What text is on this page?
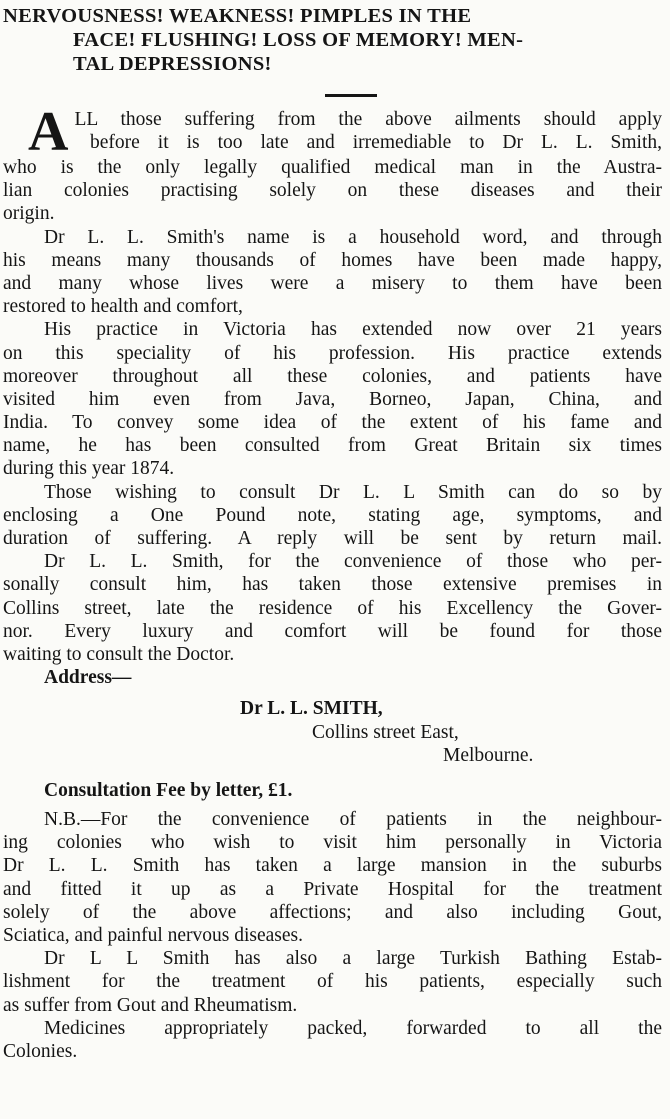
NERVOUSNESS! WEAKNESS! PIMPLES IN THE
FACE! FLUSHING! LOSS OF MEMORY! MEN-
TAL DEPRESSIONS!
A LL those suffering from the above ailments should apply
before it is too late and irremediable to Dr L. L. Smith,
who is the only legally qualified medical man in the Austra-
lian colonies practising solely on these diseases and their
origin.
Dr L. L. Smith's name is a household word, and through
his means many thousands of homes have been made happy,
and many whose lives were a misery to them have been
restored to health and comfort,
His practice in Victoria has extended now over 21 years
on this speciality of his profession. His practice extends
moreover throughout all these colonies, and patients have
visited him even from Java, Borneo, Japan, China, and
India. To convey some idea of the extent of his fame and
name, he has been consulted from Great Britain six times
during this year 1874.
Those wishing to consult Dr L. L Smith can do so by
enclosing a One Pound note, stating age, symptoms, and
duration of suffering. A reply will be sent by return mail.
Dr L. L. Smith, for the convenience of those who per-
sonally consult him, has taken those extensive premises in
Collins street, late the residence of his Excellency the Gover-
nor. Every luxury and comfort will be found for those
waiting to consult the Doctor.
Address—
Dr L. L. SMITH,
Collins street East,
Melbourne.
Consultation Fee by letter, £1.
N.B.—For the convenience of patients in the neighbour-
ing colonies who wish to visit him personally in Victoria
Dr L. L. Smith has taken a large mansion in the suburbs
and fitted it up as a Private Hospital for the treatment
solely of the above affections; and also including Gout,
Sciatica, and painful nervous diseases.
Dr L L Smith has also a large Turkish Bathing Estab-
lishment for the treatment of his patients, especially such
as suffer from Gout and Rheumatism.
Medicines appropriately packed, forwarded to all the
Colonies.
